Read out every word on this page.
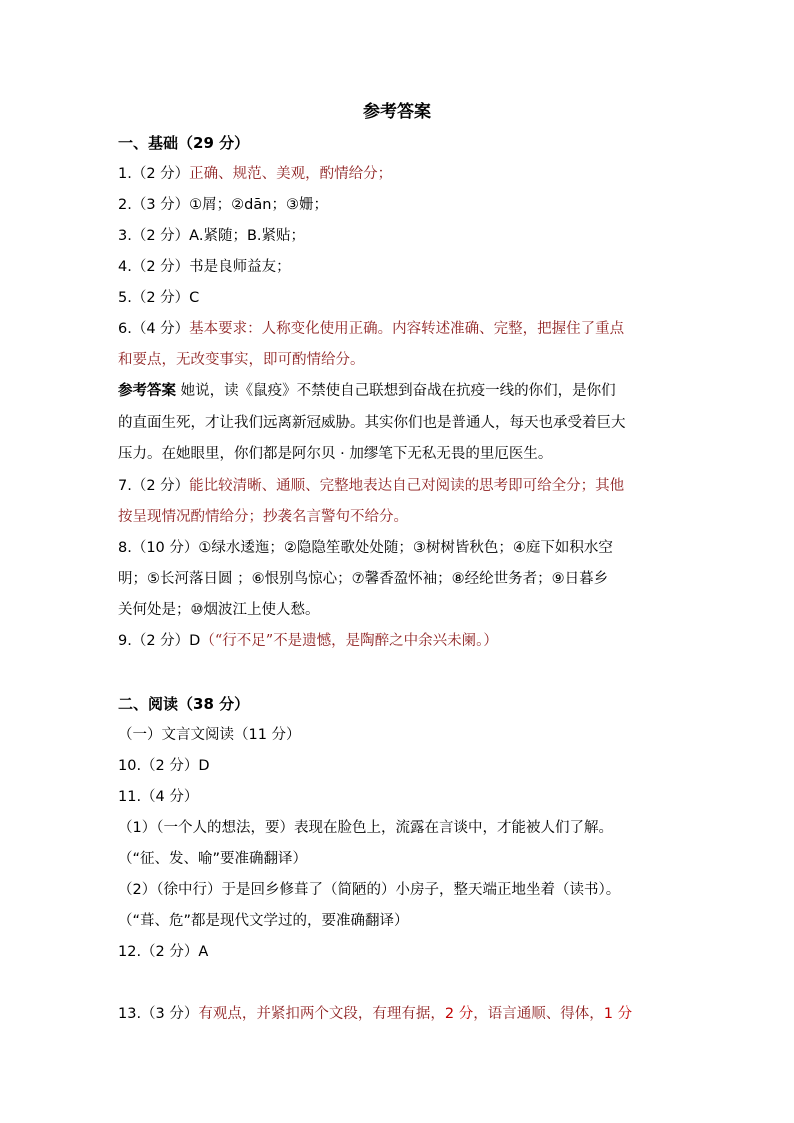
参考答案
一、基础（29 分）
1.（2 分）正确、规范、美观，酌情给分；
2.（3 分）①屑；②dān；③姗；
3.（2 分）A.紧随；B.紧贴；
4.（2 分）书是良师益友；
5.（2 分）C
6.（4 分）基本要求：人称变化使用正确。内容转述准确、完整，把握住了重点
和要点，无改变事实，即可酌情给分。
参考答案 她说，读《鼠疫》不禁使自己联想到奋战在抗疫一线的你们，是你们
的直面生死，才让我们远离新冠威胁。其实你们也是普通人，每天也承受着巨大
压力。在她眼里，你们都是阿尔贝 · 加缪笔下无私无畏的里厄医生。
7.（2 分）能比较清晰、通顺、完整地表达自己对阅读的思考即可给全分；其他
按呈现情况酌情给分；抄袭名言警句不给分。
8.（10 分）①绿水逶迤；②隐隐笙歌处处随；③树树皆秋色；④庭下如积水空
明；⑤长河落日圆 ；⑥恨别鸟惊心；⑦馨香盈怀袖；⑧经纶世务者；⑨日暮乡
关何处是；⑩烟波江上使人愁。
9.（2 分）D（“行不足”不是遗憾，是陶醉之中余兴未阑。）
二、阅读（38 分）
（一）文言文阅读（11 分）
10.（2 分）D
11.（4 分）
（1）（一个人的想法，要）表现在脸色上，流露在言谈中，才能被人们了解。
（“征、发、喻”要准确翻译）
（2）（徐中行）于是回乡修葺了（简陋的）小房子，整天端正地坐着（读书）。
（“葺、危”都是现代文学过的，要准确翻译）
12.（2 分）A
13.（3 分）有观点，并紧扣两个文段，有理有据，2 分，语言通顺、得体，1 分
